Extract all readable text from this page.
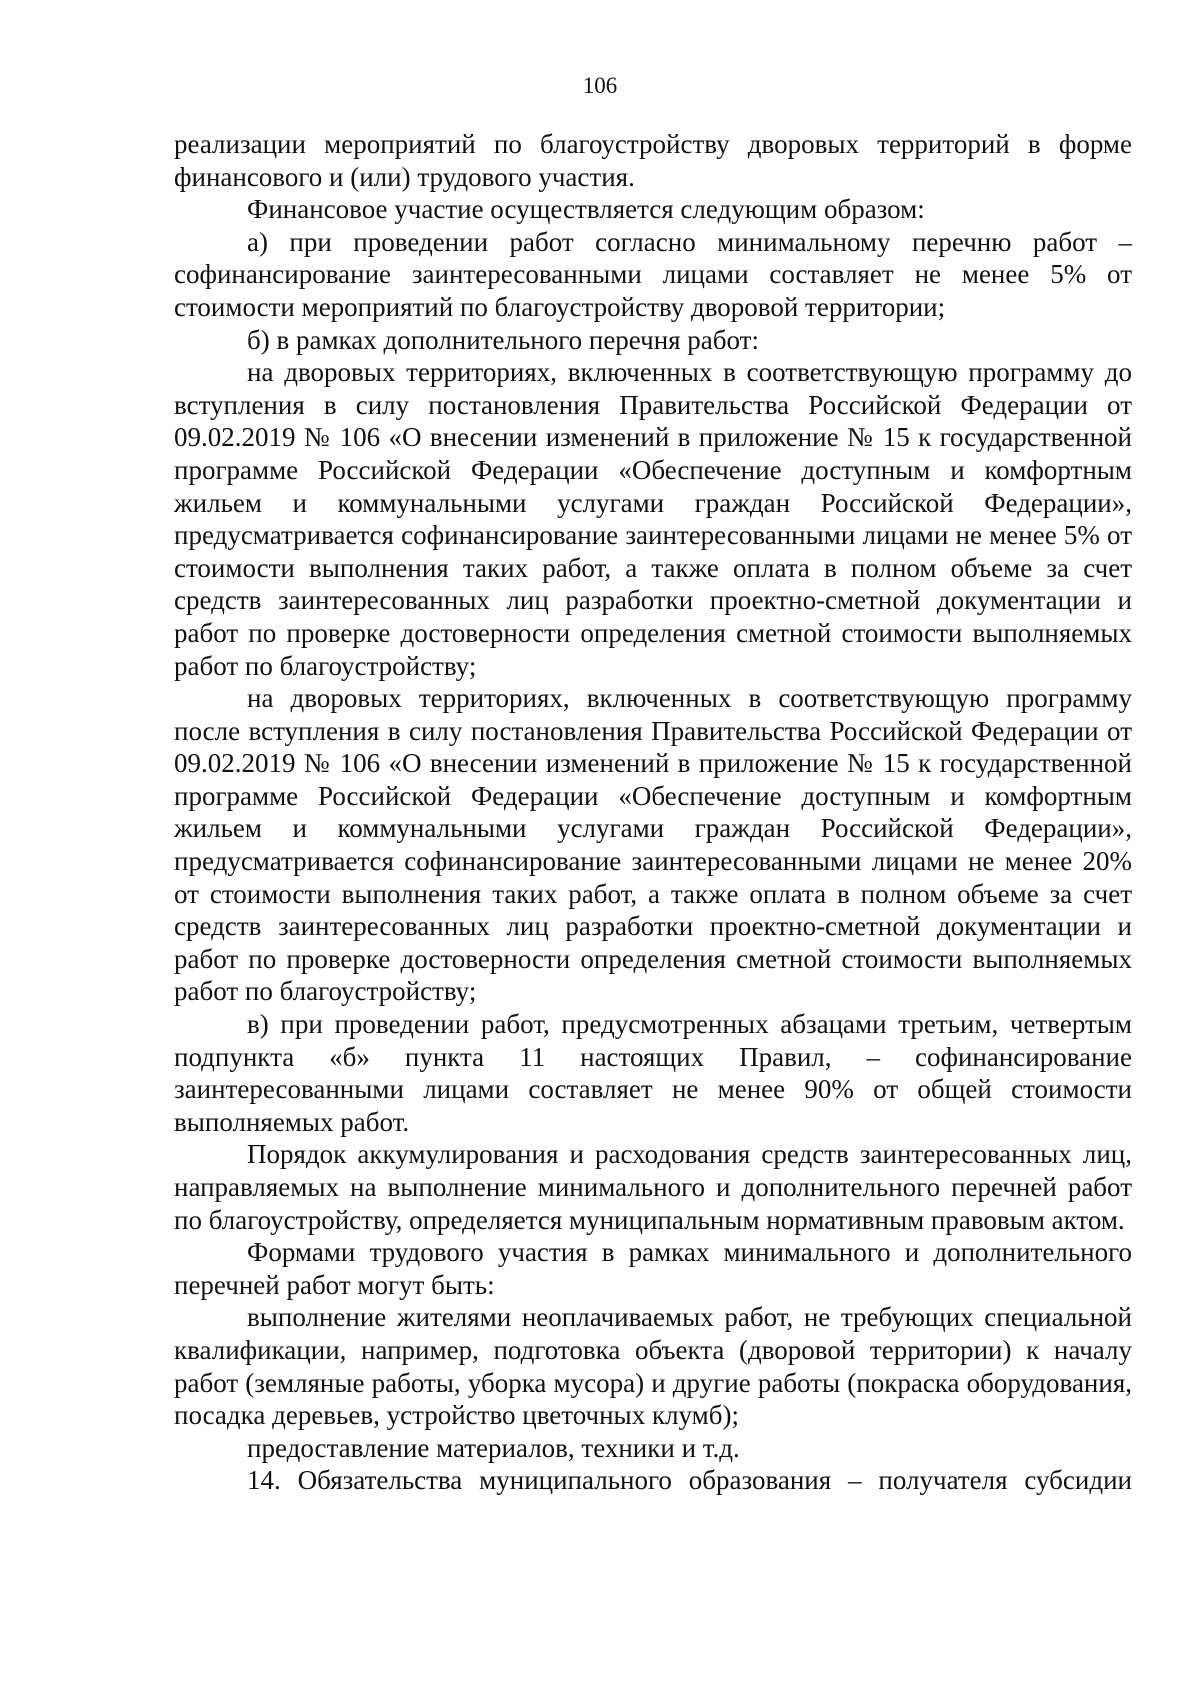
106

реализации мероприятий по благоустройству дворовых территорий в форме финансового и (или) трудового участия.

Финансовое участие осуществляется следующим образом:

а) при проведении работ согласно минимальному перечню работ – софинансирование заинтересованными лицами составляет не менее 5% от стоимости мероприятий по благоустройству дворовой территории;

б) в рамках дополнительного перечня работ:

на дворовых территориях, включенных в соответствующую программу до вступления в силу постановления Правительства Российской Федерации от 09.02.2019 № 106 «О внесении изменений в приложение № 15 к государственной программе Российской Федерации «Обеспечение доступным и комфортным жильем и коммунальными услугами граждан Российской Федерации», предусматривается софинансирование заинтересованными лицами не менее 5% от стоимости выполнения таких работ, а также оплата в полном объеме за счет средств заинтересованных лиц разработки проектно-сметной документации и работ по проверке достоверности определения сметной стоимости выполняемых работ по благоустройству;

на дворовых территориях, включенных в соответствующую программу после вступления в силу постановления Правительства Российской Федерации от 09.02.2019 № 106 «О внесении изменений в приложение № 15 к государственной программе Российской Федерации «Обеспечение доступным и комфортным жильем и коммунальными услугами граждан Российской Федерации», предусматривается софинансирование заинтересованными лицами не менее 20% от стоимости выполнения таких работ, а также оплата в полном объеме за счет средств заинтересованных лиц разработки проектно-сметной документации и работ по проверке достоверности определения сметной стоимости выполняемых работ по благоустройству;

в) при проведении работ, предусмотренных абзацами третьим, четвертым подпункта «б» пункта 11 настоящих Правил, – софинансирование заинтересованными лицами составляет не менее 90% от общей стоимости выполняемых работ.

Порядок аккумулирования и расходования средств заинтересованных лиц, направляемых на выполнение минимального и дополнительного перечней работ по благоустройству, определяется муниципальным нормативным правовым актом.

Формами трудового участия в рамках минимального и дополнительного перечней работ могут быть:

выполнение жителями неоплачиваемых работ, не требующих специальной квалификации, например, подготовка объекта (дворовой территории) к началу работ (земляные работы, уборка мусора) и другие работы (покраска оборудования, посадка деревьев, устройство цветочных клумб);

предоставление материалов, техники и т.д.

14. Обязательства муниципального образования – получателя субсидии
